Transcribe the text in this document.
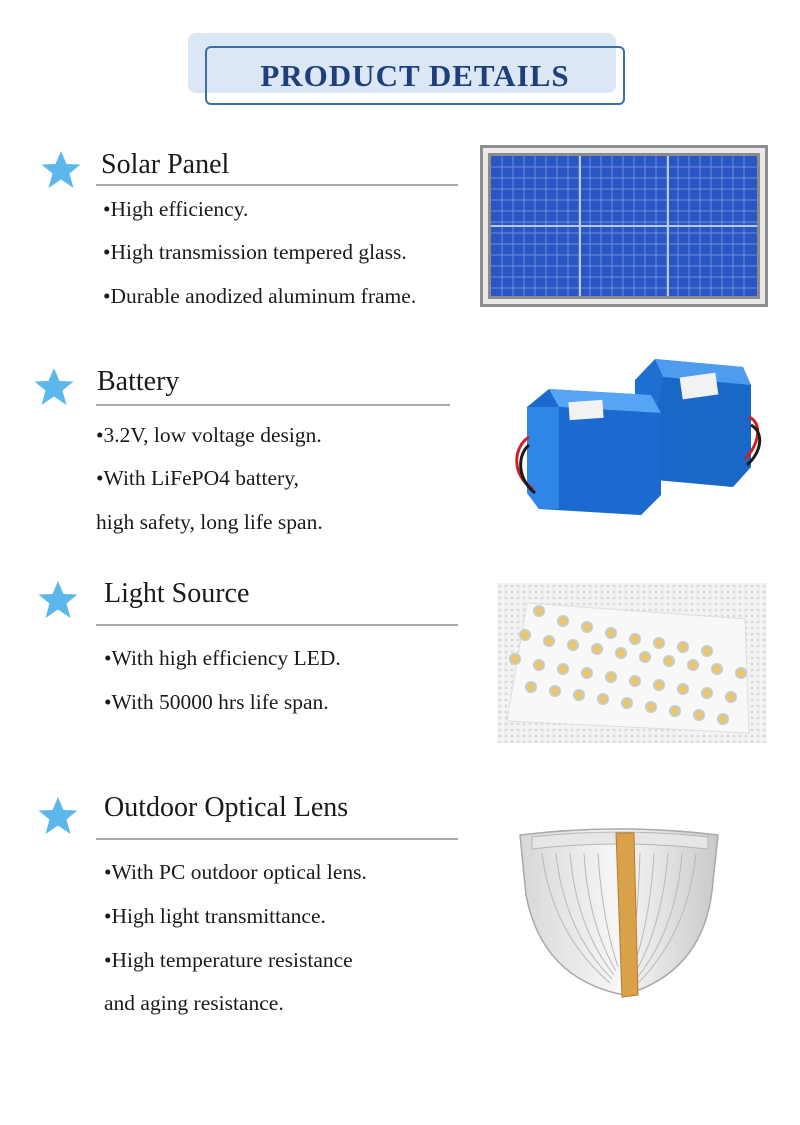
PRODUCT DETAILS
Solar Panel
•High efficiency.
•High transmission tempered glass.
•Durable anodized aluminum frame.
Battery
•3.2V, low voltage design.
•With LiFePO4 battery,
high safety, long life span.
Light Source
•With high efficiency LED.
•With 50000 hrs life span.
Outdoor Optical Lens
•With PC outdoor optical lens.
•High light transmittance.
•High temperature resistance
and aging resistance.
